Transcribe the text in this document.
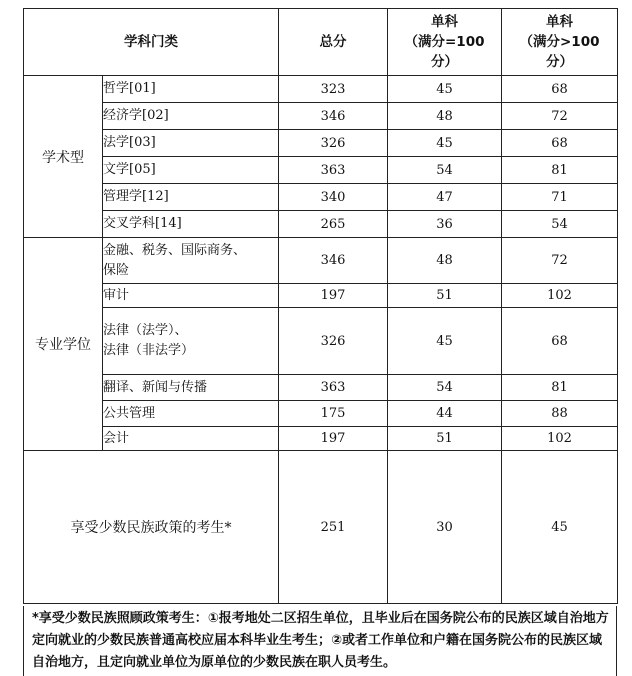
学科门类		总分	单科
（满分=100
分）	单科
（满分>100
分）

学术型	哲学[01]	323	45	68
	经济学[02]	346	48	72
	法学[03]	326	45	68
	文学[05]	363	54	81
	管理学[12]	340	47	71
	交叉学科[14]	265	36	54
专业学位	金融、税务、国际商务、
保险	346	48	72
	审计	197	51	102

	法律（法学）、
法律（非法学）	326	45	68
	翻译、新闻与传播	363	54	81
	公共管理	175	44	88
	会计	197	51	102
享受少数民族政策的考生*		251	30	45
*享受少数民族照顾政策考生：①报考地处二区招生单位，且毕业后在国务院公布的民族区域自治地方定向就业的少数民族普通高校应届本科毕业生考生；②或者工作单位和户籍在国务院公布的民族区域自治地方，且定向就业单位为原单位的少数民族在职人员考生。
